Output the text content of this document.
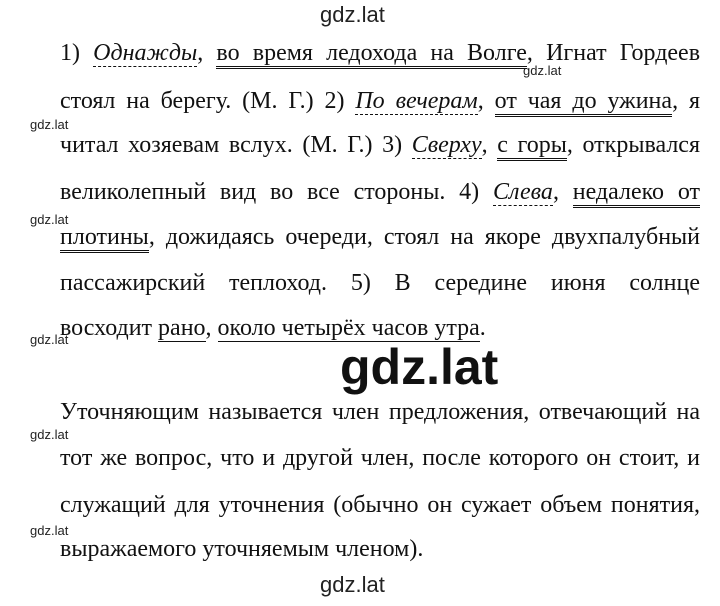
gdz.lat
gdz.lat
gdz.lat
gdz.lat
gdz.lat
gdz.lat
gdz.lat
gdz.lat
gdz.lat
1) Однажды, во время ледохода на Волге, Игнат Гордеев
стоял на берегу. (М. Г.) 2) По вечерам, от чая до ужина, я
читал хозяевам вслух. (М. Г.) 3) Сверху, с горы, открывался
великолепный вид во все стороны. 4) Слева, недалеко от
плотины, дожидаясь очереди, стоял на якоре двухпалубный
пассажирский теплоход. 5) В середине июня солнце
восходит рано, около четырёх часов утра.
Уточняющим называется член предложения, отвечающий на
тот же вопрос, что и другой член, после которого он стоит, и
служащий для уточнения (обычно он сужает объем понятия,
выражаемого уточняемым членом).
